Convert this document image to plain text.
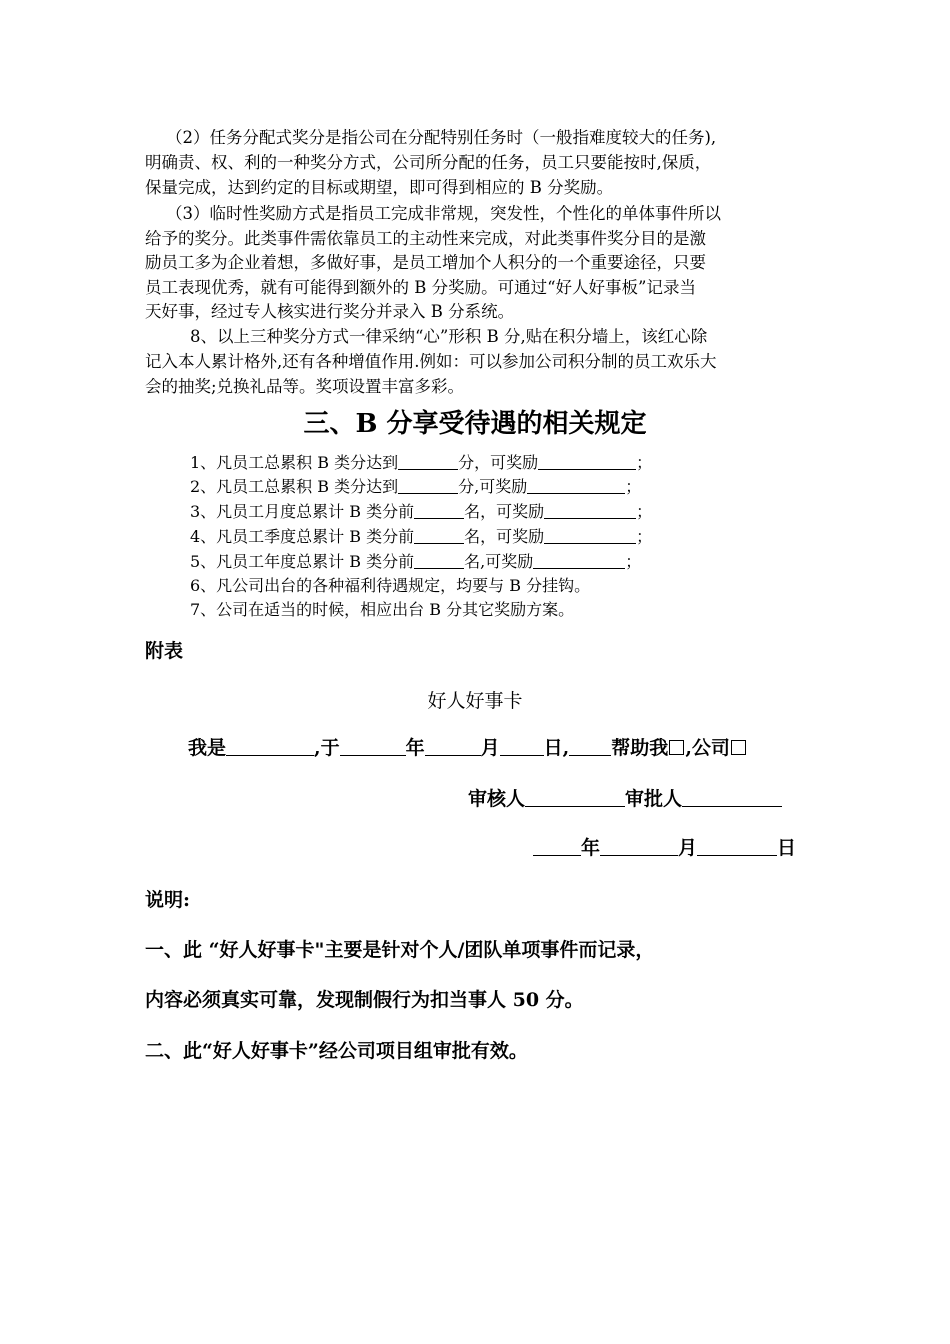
（2）任务分配式奖分是指公司在分配特别任务时（一般指难度较大的任务),
明确责、权、利的一种奖分方式，公司所分配的任务，员工只要能按时,保质，
保量完成，达到约定的目标或期望，即可得到相应的 B 分奖励。
（3）临时性奖励方式是指员工完成非常规，突发性，个性化的单体事件所以
给予的奖分。此类事件需依靠员工的主动性来完成，对此类事件奖分目的是激
励员工多为企业着想，多做好事，是员工增加个人积分的一个重要途径，只要
员工表现优秀，就有可能得到额外的 B 分奖励。可通过“好人好事板”记录当
天好事，经过专人核实进行奖分并录入 B 分系统。
8、以上三种奖分方式一律采纳“心”形积 B 分,贴在积分墙上，该红心除
记入本人累计格外,还有各种增值作用.例如：可以参加公司积分制的员工欢乐大
会的抽奖;兑换礼品等。奖项设置丰富多彩。
三、B 分享受待遇的相关规定
1、凡员工总累积 B 类分达到	分，可奖励	；
2、凡员工总累积 B 类分达到	分,可奖励	；
3、凡员工月度总累计 B 类分前	名，可奖励	；
4、凡员工季度总累计 B 类分前	名，可奖励	；
5、凡员工年度总累计 B 类分前	名,可奖励	；
6、凡公司出台的各种福利待遇规定，均要与 B 分挂钩。
7、公司在适当的时候，相应出台 B 分其它奖励方案。
附表
好人好事卡
我是	,于	年	月 日, 帮助我 ,公司
审核人	审批人
年	月	日
说明:
一、此 “好人好事卡"主要是针对个人/团队单项事件而记录，
内容必须真实可靠，发现制假行为扣当事人 50 分。
二、此“好人好事卡”经公司项目组审批有效。
